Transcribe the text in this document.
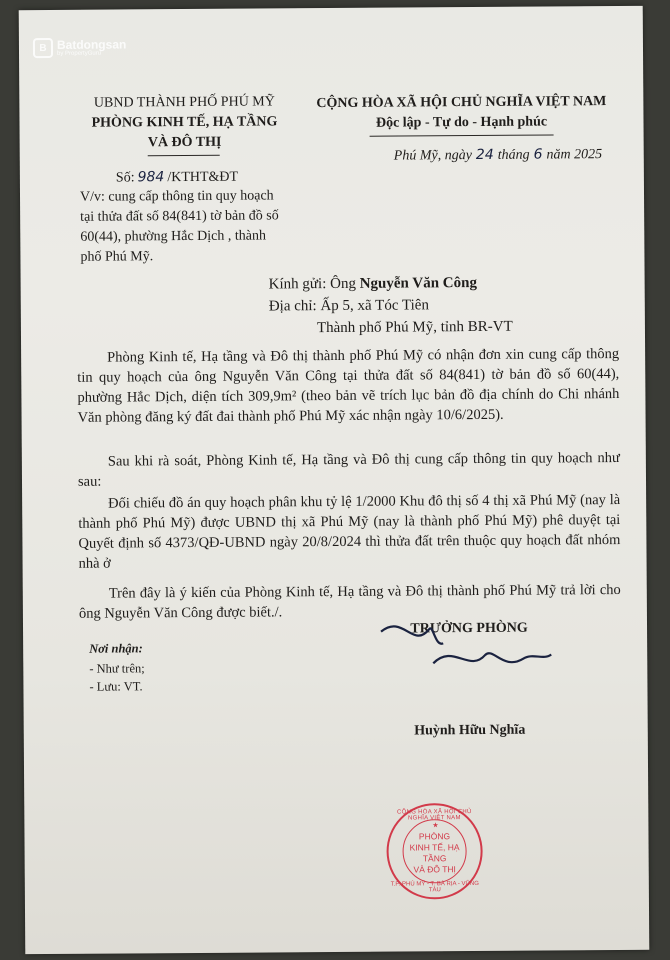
B Batdongsan
by PropertyGuru
UBND THÀNH PHỐ PHÚ MỸ
PHÒNG KINH TẾ, HẠ TẦNG
VÀ ĐÔ THỊ
CỘNG HÒA XÃ HỘI CHỦ NGHĨA VIỆT NAM
Độc lập - Tự do - Hạnh phúc
Phú Mỹ, ngày 24 tháng 6 năm 2025
Số: 984 /KTHT&ĐT
V/v: cung cấp thông tin quy hoạch
tại thửa đất số 84(841) tờ bản đồ số
60(44), phường Hắc Dịch , thành
phố Phú Mỹ.
Kính gửi: Ông Nguyễn Văn Công
Địa chỉ: Ấp 5, xã Tóc Tiên
Thành phố Phú Mỹ, tỉnh BR-VT
Phòng Kinh tế, Hạ tầng và Đô thị thành phố Phú Mỹ có nhận đơn xin cung cấp thông tin quy hoạch của ông Nguyễn Văn Công tại thửa đất số 84(841) tờ bản đồ số 60(44), phường Hắc Dịch, diện tích 309,9m² (theo bản vẽ trích lục bản đồ địa chính do Chi nhánh Văn phòng đăng ký đất đai thành phố Phú Mỹ xác nhận ngày 10/6/2025).
Sau khi rà soát, Phòng Kinh tế, Hạ tầng và Đô thị cung cấp thông tin quy hoạch như sau:
Đối chiếu đồ án quy hoạch phân khu tỷ lệ 1/2000 Khu đô thị số 4 thị xã Phú Mỹ (nay là thành phố Phú Mỹ) được UBND thị xã Phú Mỹ (nay là thành phố Phú Mỹ) phê duyệt tại Quyết định số 4373/QĐ-UBND ngày 20/8/2024 thì thửa đất trên thuộc quy hoạch đất nhóm nhà ở
Trên đây là ý kiến của Phòng Kinh tế, Hạ tầng và Đô thị thành phố Phú Mỹ trả lời cho ông Nguyễn Văn Công được biết./.
Nơi nhận:
- Như trên;
- Lưu: VT.
TRƯỞNG PHÒNG
CỘNG HÒA XÃ HỘI CHỦ NGHĨA VIỆT NAM
★
PHÒNG
KINH TẾ, HẠ TẦNG
VÀ ĐÔ THỊ
T.P. PHÚ MỸ - T. BÀ RỊA - VŨNG TÀU
Huỳnh Hữu Nghĩa
